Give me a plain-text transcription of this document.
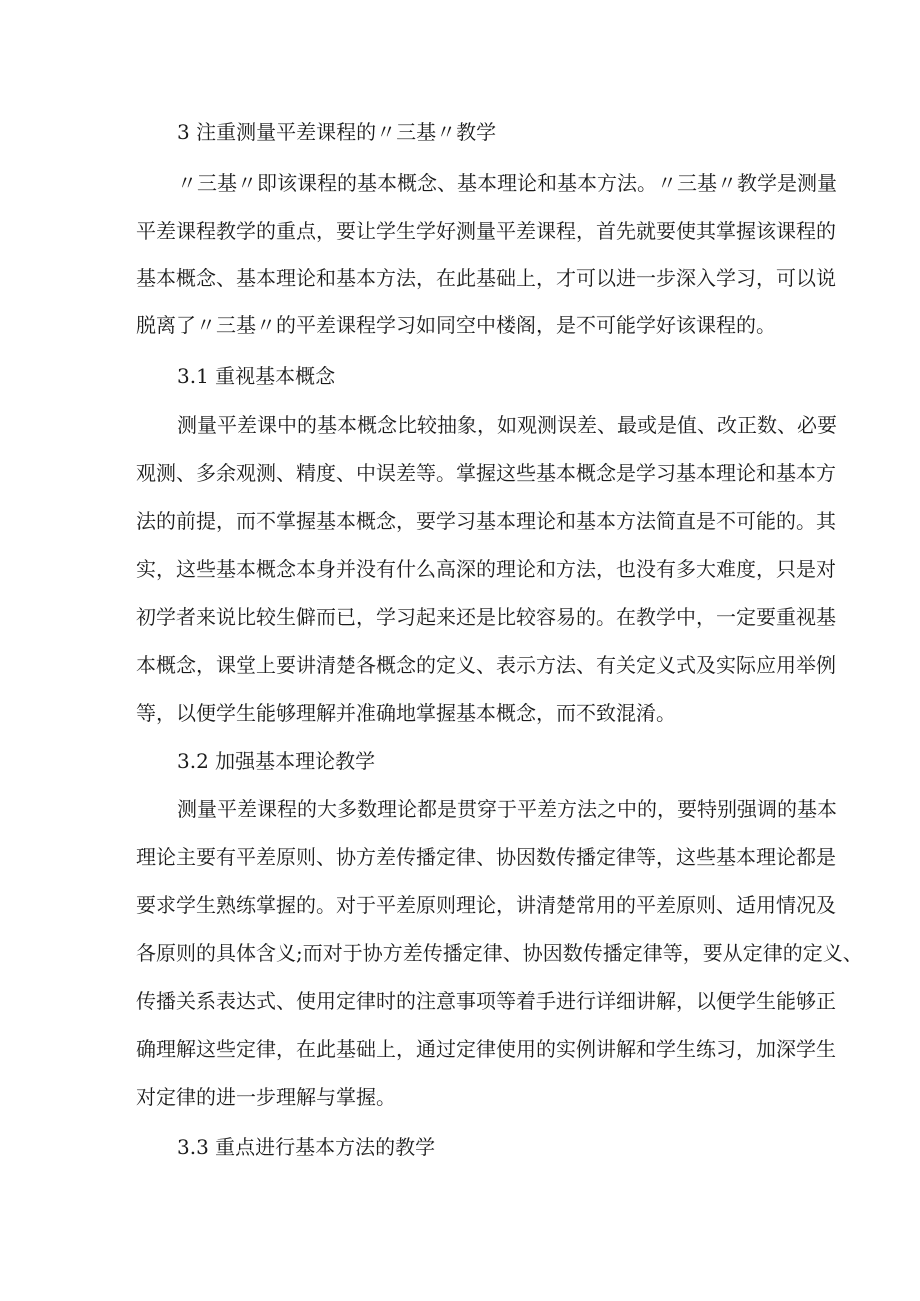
3 注重测量平差课程的〃三基〃教学

〃三基〃即该课程的基本概念、基本理论和基本方法。〃三基〃教学是测量

平差课程教学的重点，要让学生学好测量平差课程，首先就要使其掌握该课程的

基本概念、基本理论和基本方法，在此基础上，才可以进一步深入学习，可以说

脱离了〃三基〃的平差课程学习如同空中楼阁，是不可能学好该课程的。

3.1 重视基本概念

测量平差课中的基本概念比较抽象，如观测误差、最或是值、改正数、必要

观测、多余观测、精度、中误差等。掌握这些基本概念是学习基本理论和基本方

法的前提，而不掌握基本概念，要学习基本理论和基本方法简直是不可能的。其

实，这些基本概念本身并没有什么高深的理论和方法，也没有多大难度，只是对

初学者来说比较生僻而已，学习起来还是比较容易的。在教学中，一定要重视基

本概念，课堂上要讲清楚各概念的定义、表示方法、有关定义式及实际应用举例

等，以便学生能够理解并准确地掌握基本概念，而不致混淆。

3.2 加强基本理论教学

测量平差课程的大多数理论都是贯穿于平差方法之中的，要特别强调的基本

理论主要有平差原则、协方差传播定律、协因数传播定律等，这些基本理论都是

要求学生熟练掌握的。对于平差原则理论，讲清楚常用的平差原则、适用情况及

各原则的具体含义;而对于协方差传播定律、协因数传播定律等，要从定律的定义、

传播关系表达式、使用定律时的注意事项等着手进行详细讲解，以便学生能够正

确理解这些定律，在此基础上，通过定律使用的实例讲解和学生练习，加深学生

对定律的进一步理解与掌握。

3.3 重点进行基本方法的教学
